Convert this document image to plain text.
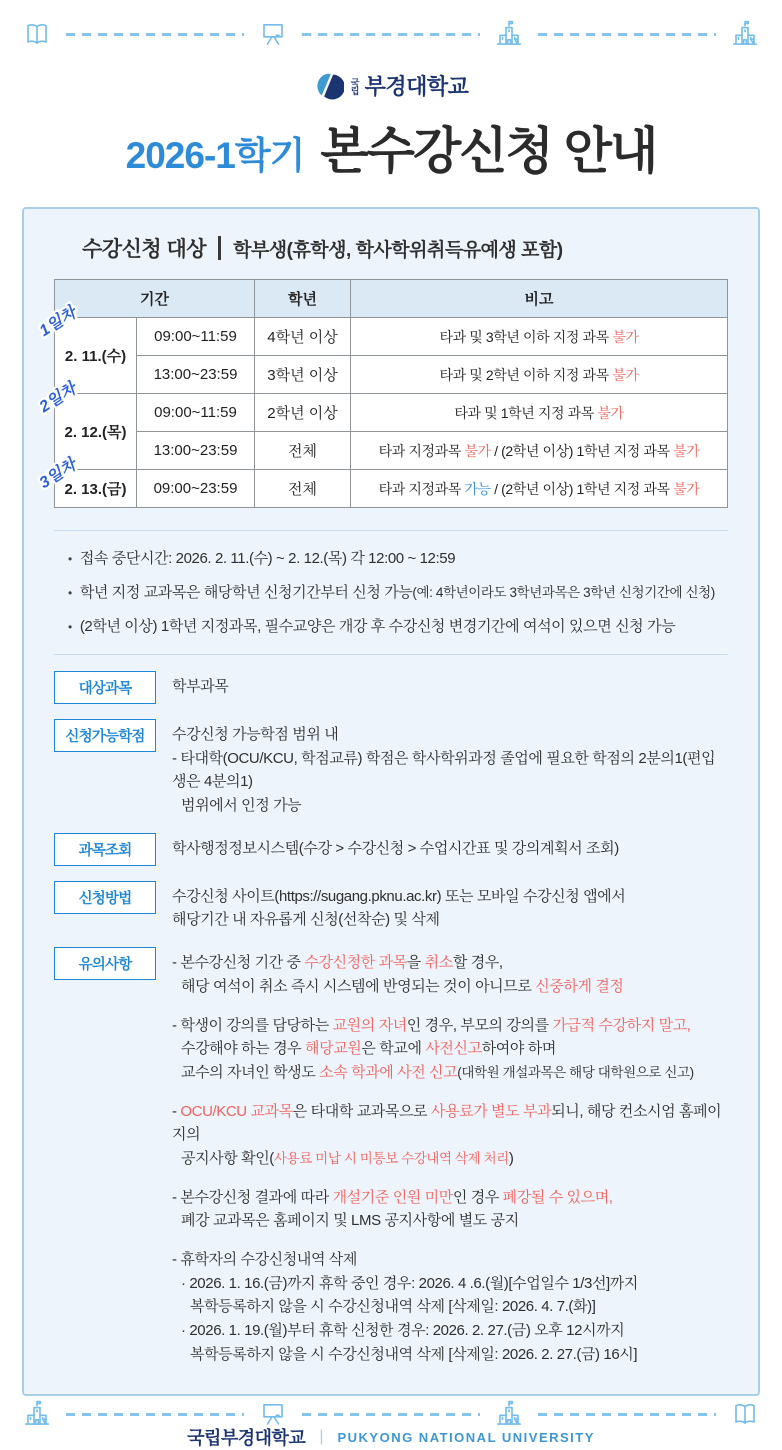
국립 부경대학교
2026-1학기 본수강신청 안내
수강신청 대상 학부생(휴학생, 학사학위취득유예생 포함)
기간		학년	비고

1일차
2. 11.(수)	09:00~11:59	4학년 이상	타과 및 3학년 이하 지정 과목 불가
	13:00~23:59	3학년 이상	타과 및 2학년 이하 지정 과목 불가

2일차
2. 12.(목)	09:00~11:59	2학년 이상	타과 및 1학년 지정 과목 불가
	13:00~23:59	전체	타과 지정과목 불가 / (2학년 이상) 1학년 지정 과목 불가

3일차
2. 13.(금)	09:00~23:59	전체	타과 지정과목 가능 / (2학년 이상) 1학년 지정 과목 불가
• 접속 중단시간: 2026. 2. 11.(수) ~ 2. 12.(목) 각 12:00 ~ 12:59
• 학년 지정 교과목은 해당학년 신청기간부터 신청 가능(예: 4학년이라도 3학년과목은 3학년 신청기간에 신청)
• (2학년 이상) 1학년 지정과목, 필수교양은 개강 후 수강신청 변경기간에 여석이 있으면 신청 가능
대상과목	학부과목
신청가능학점	수강신청 가능학점 범위 내
- 타대학(OCU/KCU, 학점교류) 학점은 학사학위과정 졸업에 필요한 학점의 2분의1(편입생은 4분의1)
범위에서 인정 가능
과목조회	학사행정정보시스템(수강 > 수강신청 > 수업시간표 및 강의계획서 조회)
신청방법	수강신청 사이트(https://sugang.pknu.ac.kr) 또는 모바일 수강신청 앱에서
해당기간 내 자유롭게 신청(선착순) 및 삭제
유의사항	- 본수강신청 기간 중 수강신청한 과목을 취소할 경우,
해당 여석이 취소 즉시 시스템에 반영되는 것이 아니므로 신중하게 결정
- 학생이 강의를 담당하는 교원의 자녀인 경우, 부모의 강의를 가급적 수강하지 말고,
수강해야 하는 경우 해당교원은 학교에 사전신고하여야 하며
교수의 자녀인 학생도 소속 학과에 사전 신고(대학원 개설과목은 해당 대학원으로 신고)
- OCU/KCU 교과목은 타대학 교과목으로 사용료가 별도 부과되니, 해당 컨소시엄 홈페이지의
공지사항 확인(사용료 미납 시 미통보 수강내역 삭제 처리)
- 본수강신청 결과에 따라 개설기준 인원 미만인 경우 폐강될 수 있으며,
폐강 교과목은 홈페이지 및 LMS 공지사항에 별도 공지
- 휴학자의 수강신청내역 삭제
· 2026. 1. 16.(금)까지 휴학 중인 경우: 2026. 4 .6.(월)[수업일수 1/3선]까지
복학등록하지 않을 시 수강신청내역 삭제 [삭제일: 2026. 4. 7.(화)]
· 2026. 1. 19.(월)부터 휴학 신청한 경우: 2026. 2. 27.(금) 오후 12시까지
복학등록하지 않을 시 수강신청내역 삭제 [삭제일: 2026. 2. 27.(금) 16시]
국립부경대학교 | PUKYONG NATIONAL UNIVERSITY
